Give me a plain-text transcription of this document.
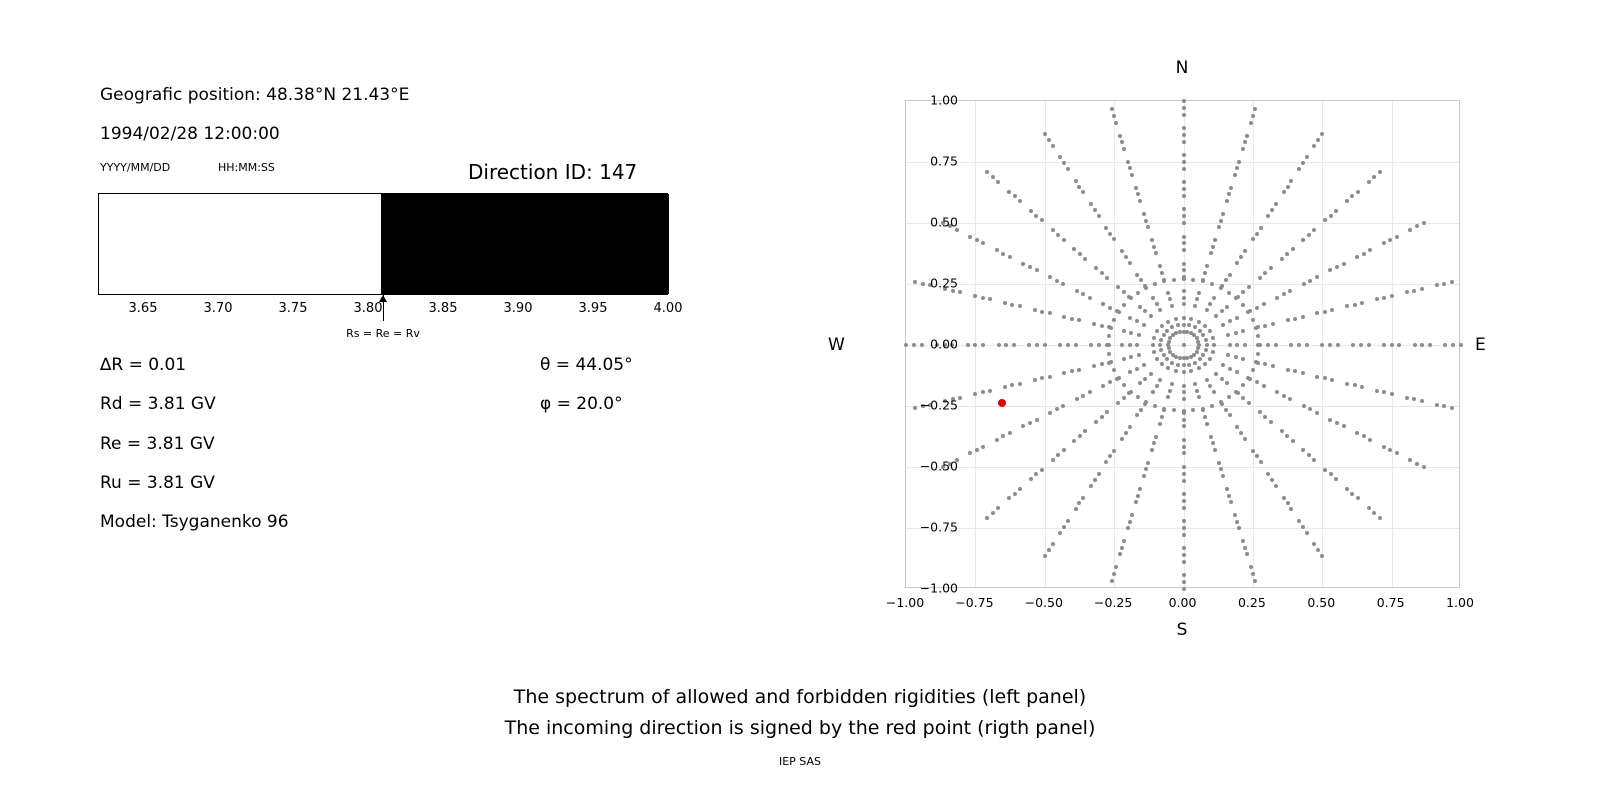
Geografic position: 48.38°N 21.43°E
1994/02/28 12:00:00
YYYY/MM/DD	HH:MM:SS	Direction ID: 147
Rs = Re = Rv
3.65	3.70	3.75	3.80	3.85	3.90	3.95	4.00
∆R = 0.01
Rd = 3.81 GV
Re = 3.81 GV
Ru = 3.81 GV
Model: Tsyganenko 96
θ = 44.05°
φ = 20.0°
N
S
W	E
−1.00
−0.75
−0.50
−0.25
0.00
0.25
0.50
0.75
1.00
−1.00 −0.75 −0.50 −0.25	0.00	0.25	0.50	0.75	1.00
The spectrum of allowed and forbidden rigidities (left panel)
The incoming direction is signed by the red point (rigth panel)
IEP SAS
